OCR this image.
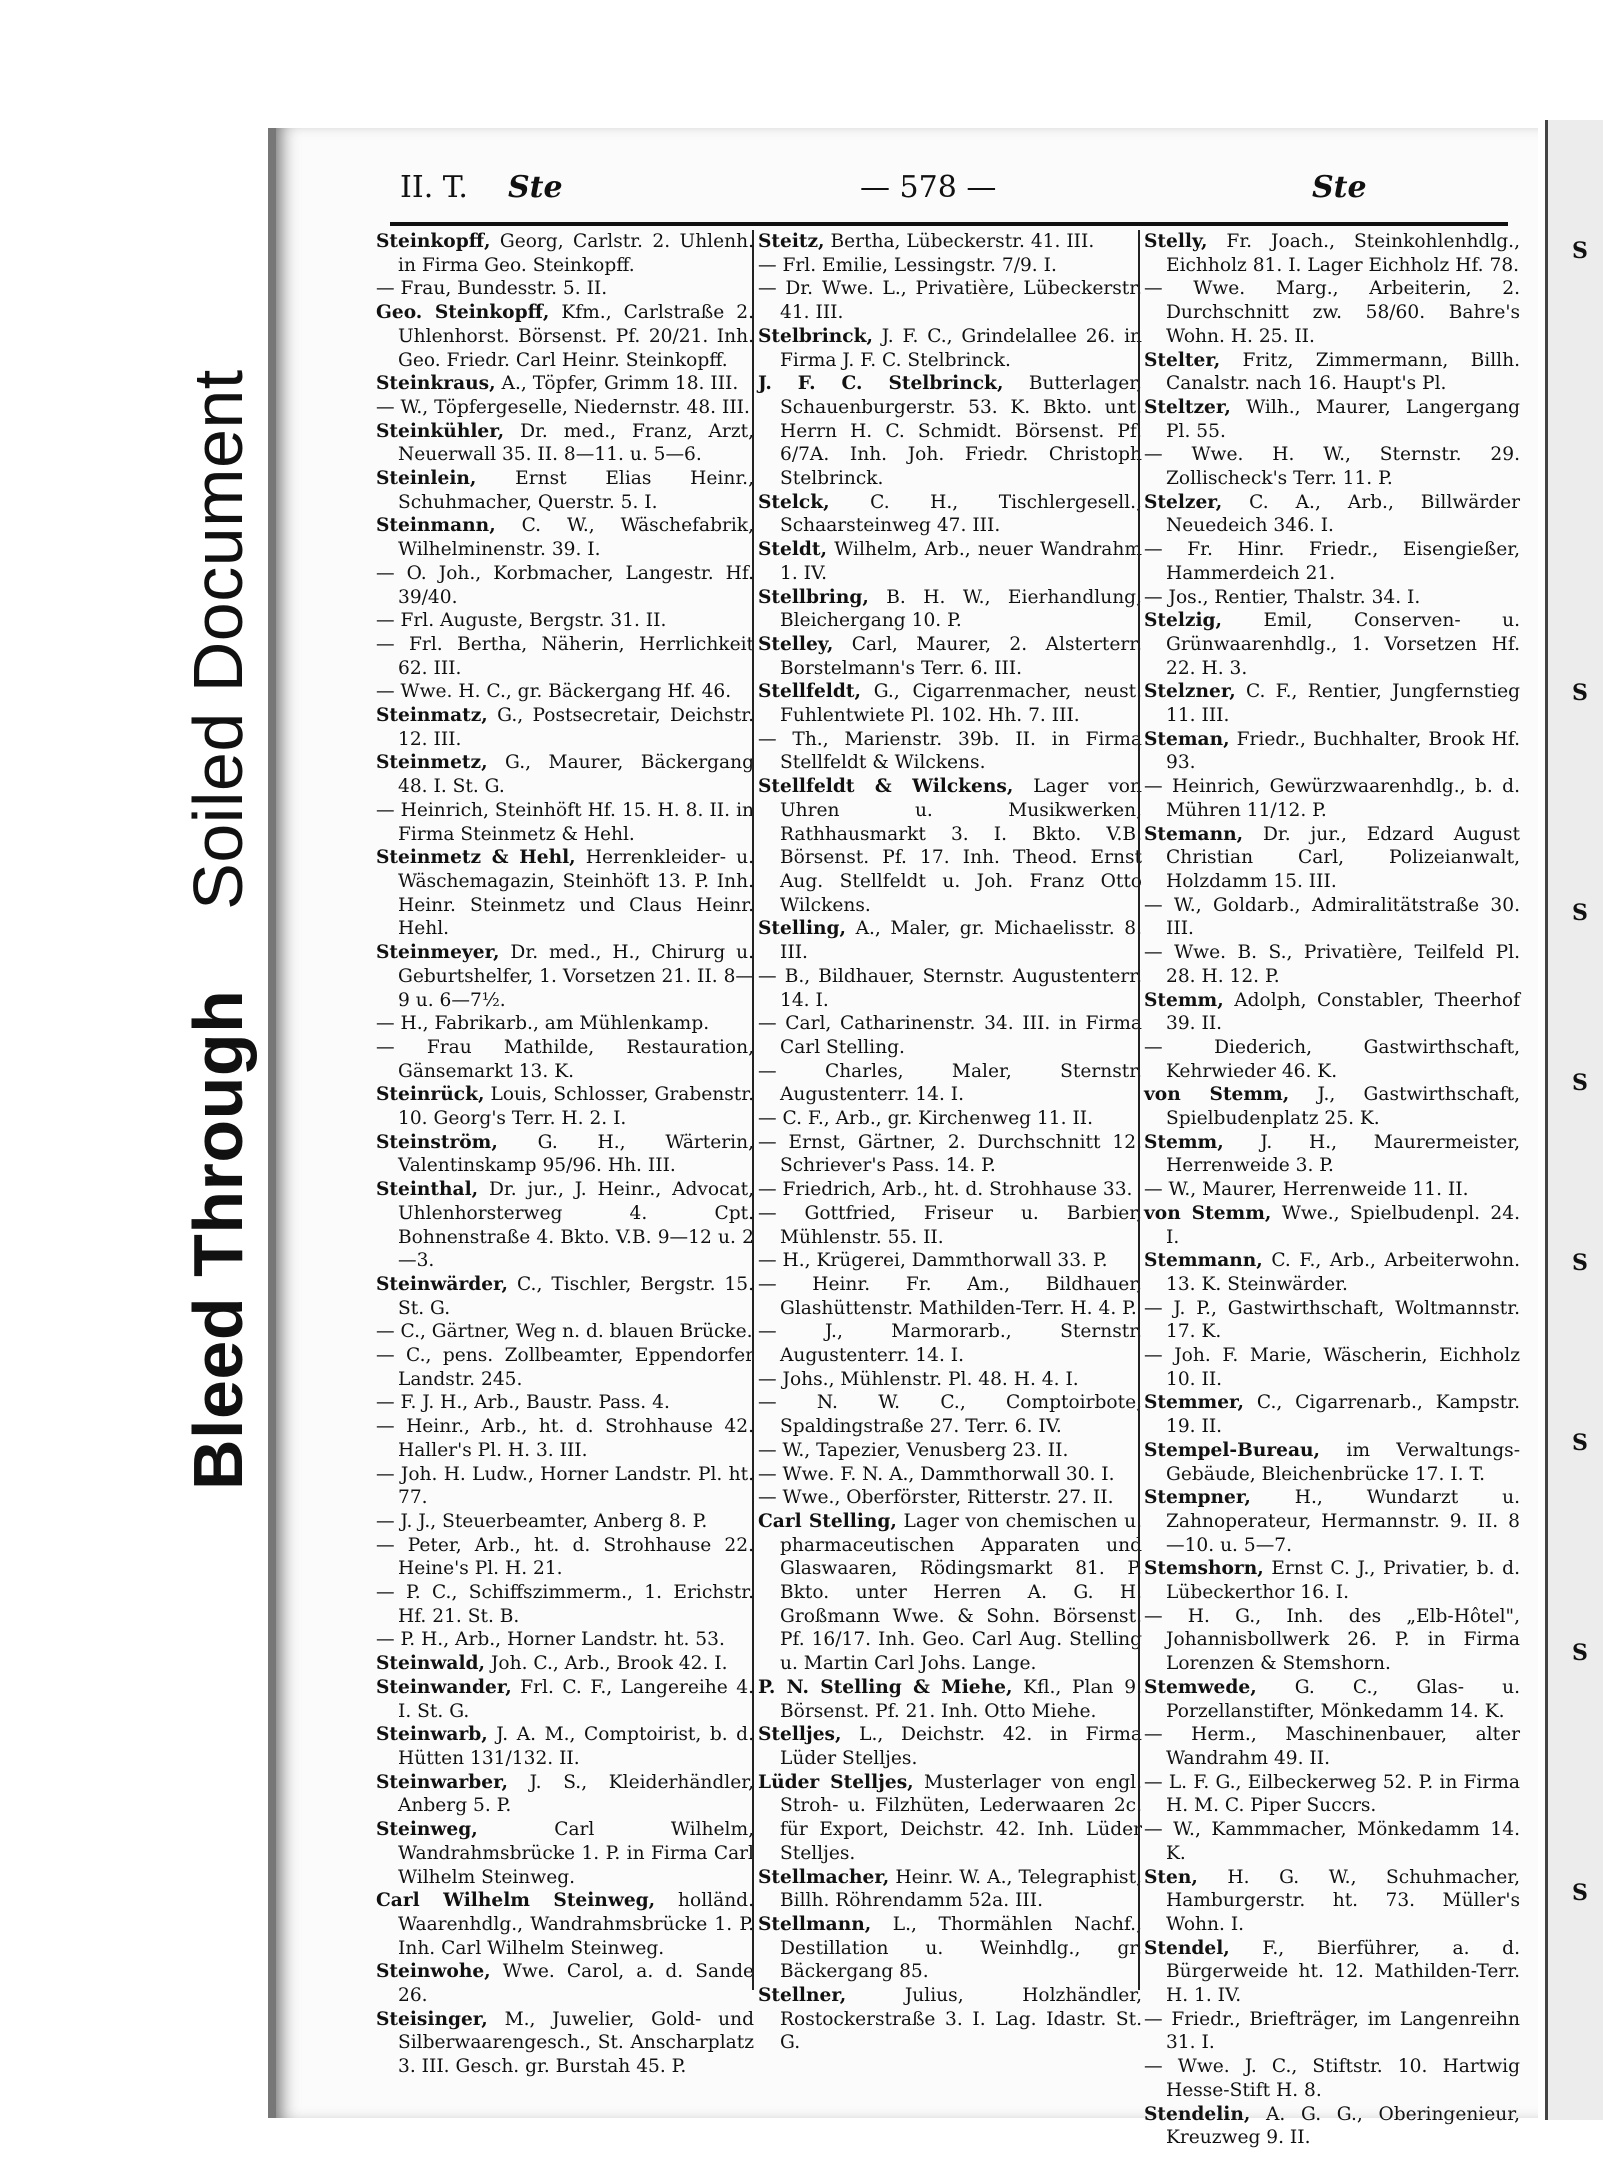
Bleed Through    Soiled Document
S
S
S
S
S
S
S
S
II. T. Ste	— 578 —	Ste

Steinkopff, Georg, Carlstr. 2. Uhlenh. in Firma Geo. Steinkopff.

— Frau, Bundesstr. 5. II.

Geo. Steinkopff, Kfm., Carlstraße 2. Uhlenhorst. Börsenst. Pf. 20/21. Inh. Geo. Friedr. Carl Heinr. Steinkopff.

Steinkraus, A., Töpfer, Grimm 18. III.

— W., Töpfergeselle, Niedernstr. 48. III.

Steinkühler, Dr. med., Franz, Arzt, Neuerwall 35. II. 8—11. u. 5—6.

Steinlein, Ernst Elias Heinr., Schuhmacher, Querstr. 5. I.

Steinmann, C. W., Wäschefabrik, Wilhelminenstr. 39. I.

— O. Joh., Korbmacher, Langestr. Hf. 39/40.

— Frl. Auguste, Bergstr. 31. II.

— Frl. Bertha, Näherin, Herrlichkeit 62. III.

— Wwe. H. C., gr. Bäckergang Hf. 46.

Steinmatz, G., Postsecretair, Deichstr. 12. III.

Steinmetz, G., Maurer, Bäckergang 48. I. St. G.

— Heinrich, Steinhöft Hf. 15. H. 8. II. in Firma Steinmetz & Hehl.

Steinmetz & Hehl, Herrenkleider- u. Wäschemagazin, Steinhöft 13. P. Inh. Heinr. Steinmetz und Claus Heinr. Hehl.

Steinmeyer, Dr. med., H., Chirurg u. Geburtshelfer, 1. Vorsetzen 21. II. 8—9 u. 6—7½.

— H., Fabrikarb., am Mühlenkamp.

— Frau Mathilde, Restauration, Gänsemarkt 13. K.

Steinrück, Louis, Schlosser, Grabenstr. 10. Georg's Terr. H. 2. I.

Steinström, G. H., Wärterin, Valentinskamp 95/96. Hh. III.

Steinthal, Dr. jur., J. Heinr., Advocat, Uhlenhorsterweg 4. Cpt. Bohnenstraße 4. Bkto. V.B. 9—12 u. 2—3.

Steinwärder, C., Tischler, Bergstr. 15. St. G.

— C., Gärtner, Weg n. d. blauen Brücke.

— C., pens. Zollbeamter, Eppendorfer Landstr. 245.

— F. J. H., Arb., Baustr. Pass. 4.

— Heinr., Arb., ht. d. Strohhause 42. Haller's Pl. H. 3. III.

— Joh. H. Ludw., Horner Landstr. Pl. ht. 77.

— J. J., Steuerbeamter, Anberg 8. P.

— Peter, Arb., ht. d. Strohhause 22. Heine's Pl. H. 21.

— P. C., Schiffszimmerm., 1. Erichstr. Hf. 21. St. B.

— P. H., Arb., Horner Landstr. ht. 53.

Steinwald, Joh. C., Arb., Brook 42. I.

Steinwander, Frl. C. F., Langereihe 4. I. St. G.

Steinwarb, J. A. M., Comptoirist, b. d. Hütten 131/132. II.

Steinwarber, J. S., Kleiderhändler, Anberg 5. P.

Steinweg, Carl Wilhelm, Wandrahmsbrücke 1. P. in Firma Carl Wilhelm Steinweg.

Carl Wilhelm Steinweg, holländ. Waarenhdlg., Wandrahmsbrücke 1. P. Inh. Carl Wilhelm Steinweg.

Steinwohe, Wwe. Carol, a. d. Sande 26.

Steisinger, M., Juwelier, Gold- und Silberwaarengesch., St. Anscharplatz 3. III. Gesch. gr. Burstah 45. P.

Steitz, Bertha, Lübeckerstr. 41. III.

— Frl. Emilie, Lessingstr. 7/9. I.

— Dr. Wwe. L., Privatière, Lübeckerstr. 41. III.

Stelbrinck, J. F. C., Grindelallee 26. in Firma J. F. C. Stelbrinck.

J. F. C. Stelbrinck, Butterlager, Schauenburgerstr. 53. K. Bkto. unt. Herrn H. C. Schmidt. Börsenst. Pf. 6/7A. Inh. Joh. Friedr. Christoph Stelbrinck.

Stelck, C. H., Tischlergesell., Schaarsteinweg 47. III.

Steldt, Wilhelm, Arb., neuer Wandrahm 1. IV.

Stellbring, B. H. W., Eierhandlung, Bleichergang 10. P.

Stelley, Carl, Maurer, 2. Alsterterr. Borstelmann's Terr. 6. III.

Stellfeldt, G., Cigarrenmacher, neust. Fuhlentwiete Pl. 102. Hh. 7. III.

— Th., Marienstr. 39b. II. in Firma Stellfeldt & Wilckens.

Stellfeldt & Wilckens, Lager von Uhren u. Musikwerken, Rathhausmarkt 3. I. Bkto. V.B. Börsenst. Pf. 17. Inh. Theod. Ernst Aug. Stellfeldt u. Joh. Franz Otto Wilckens.

Stelling, A., Maler, gr. Michaelisstr. 8. III.

— B., Bildhauer, Sternstr. Augustenterr. 14. I.

— Carl, Catharinenstr. 34. III. in Firma Carl Stelling.

— Charles, Maler, Sternstr. Augustenterr. 14. I.

— C. F., Arb., gr. Kirchenweg 11. II.

— Ernst, Gärtner, 2. Durchschnitt 12. Schriever's Pass. 14. P.

— Friedrich, Arb., ht. d. Strohhause 33.

— Gottfried, Friseur u. Barbier, Mühlenstr. 55. II.

— H., Krügerei, Dammthorwall 33. P.

— Heinr. Fr. Am., Bildhauer, Glashüttenstr. Mathilden-Terr. H. 4. P.

— J., Marmorarb., Sternstr. Augustenterr. 14. I.

— Johs., Mühlenstr. Pl. 48. H. 4. I.

— N. W. C., Comptoirbote, Spaldingstraße 27. Terr. 6. IV.

— W., Tapezier, Venusberg 23. II.

— Wwe. F. N. A., Dammthorwall 30. I.

— Wwe., Oberförster, Ritterstr. 27. II.

Carl Stelling, Lager von chemischen u. pharmaceutischen Apparaten und Glaswaaren, Rödingsmarkt 81. P. Bkto. unter Herren A. G. H. Großmann Wwe. & Sohn. Börsenst. Pf. 16/17. Inh. Geo. Carl Aug. Stelling u. Martin Carl Johs. Lange.

P. N. Stelling & Miehe, Kfl., Plan 9. Börsenst. Pf. 21. Inh. Otto Miehe.

Stelljes, L., Deichstr. 42. in Firma Lüder Stelljes.

Lüder Stelljes, Musterlager von engl. Stroh- u. Filzhüten, Lederwaaren 2c. für Export, Deichstr. 42. Inh. Lüder Stelljes.

Stellmacher, Heinr. W. A., Telegraphist, Billh. Röhrendamm 52a. III.

Stellmann, L., Thormählen Nachf., Destillation u. Weinhdlg., gr. Bäckergang 85.

Stellner, Julius, Holzhändler, Rostockerstraße 3. I. Lag. Idastr. St. G.

Stelly, Fr. Joach., Steinkohlenhdlg., Eichholz 81. I. Lager Eichholz Hf. 78.

— Wwe. Marg., Arbeiterin, 2. Durchschnitt zw. 58/60. Bahre's Wohn. H. 25. II.

Stelter, Fritz, Zimmermann, Billh. Canalstr. nach 16. Haupt's Pl.

Steltzer, Wilh., Maurer, Langergang Pl. 55.

— Wwe. H. W., Sternstr. 29. Zollischeck's Terr. 11. P.

Stelzer, C. A., Arb., Billwärder Neuedeich 346. I.

— Fr. Hinr. Friedr., Eisengießer, Hammerdeich 21.

— Jos., Rentier, Thalstr. 34. I.

Stelzig, Emil, Conserven- u. Grünwaarenhdlg., 1. Vorsetzen Hf. 22. H. 3.

Stelzner, C. F., Rentier, Jungfernstieg 11. III.

Steman, Friedr., Buchhalter, Brook Hf. 93.

— Heinrich, Gewürzwaarenhdlg., b. d. Mühren 11/12. P.

Stemann, Dr. jur., Edzard August Christian Carl, Polizeianwalt, Holzdamm 15. III.

— W., Goldarb., Admiralitätstraße 30. III.

— Wwe. B. S., Privatière, Teilfeld Pl. 28. H. 12. P.

Stemm, Adolph, Constabler, Theerhof 39. II.

— Diederich, Gastwirthschaft, Kehrwieder 46. K.

von Stemm, J., Gastwirthschaft, Spielbudenplatz 25. K.

Stemm, J. H., Maurermeister, Herrenweide 3. P.

— W., Maurer, Herrenweide 11. II.

von Stemm, Wwe., Spielbudenpl. 24. I.

Stemmann, C. F., Arb., Arbeiterwohn. 13. K. Steinwärder.

— J. P., Gastwirthschaft, Woltmannstr. 17. K.

— Joh. F. Marie, Wäscherin, Eichholz 10. II.

Stemmer, C., Cigarrenarb., Kampstr. 19. II.

Stempel-Bureau, im Verwaltungs-Gebäude, Bleichenbrücke 17. I. T.

Stempner, H., Wundarzt u. Zahnoperateur, Hermannstr. 9. II. 8—10. u. 5—7.

Stemshorn, Ernst C. J., Privatier, b. d. Lübeckerthor 16. I.

— H. G., Inh. des „Elb-Hôtel", Johannisbollwerk 26. P. in Firma Lorenzen & Stemshorn.

Stemwede, G. C., Glas- u. Porzellanstifter, Mönkedamm 14. K.

— Herm., Maschinenbauer, alter Wandrahm 49. II.

— L. F. G., Eilbeckerweg 52. P. in Firma H. M. C. Piper Succrs.

— W., Kammmacher, Mönkedamm 14. K.

Sten, H. G. W., Schuhmacher, Hamburgerstr. ht. 73. Müller's Wohn. I.

Stendel, F., Bierführer, a. d. Bürgerweide ht. 12. Mathilden-Terr. H. 1. IV.

— Friedr., Briefträger, im Langenreihn 31. I.

— Wwe. J. C., Stiftstr. 10. Hartwig Hesse-Stift H. 8.

Stendelin, A. G. G., Oberingenieur, Kreuzweg 9. II.
